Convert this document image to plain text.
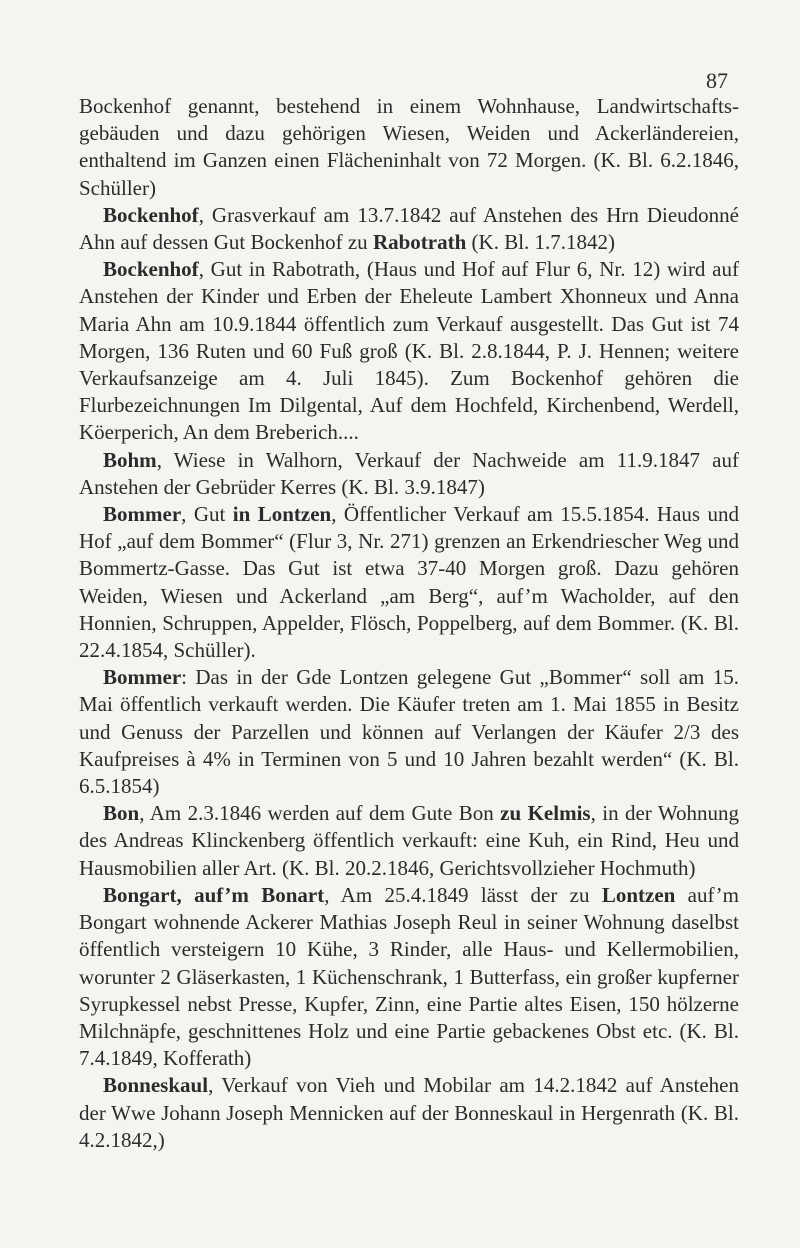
87

Bockenhof genannt, bestehend in einem Wohnhause, Landwirtschaftsgebäuden und dazu gehörigen Wiesen, Weiden und Ackerländereien, enthaltend im Ganzen einen Flächeninhalt von 72 Morgen. (K. Bl. 6.2.1846, Schüller)

Bockenhof, Grasverkauf am 13.7.1842 auf Anstehen des Hrn Dieudonné Ahn auf dessen Gut Bockenhof zu Rabotrath (K. Bl. 1.7.1842)

Bockenhof, Gut in Rabotrath, (Haus und Hof auf Flur 6, Nr. 12) wird auf Anstehen der Kinder und Erben der Eheleute Lambert Xhonneux und Anna Maria Ahn am 10.9.1844 öffentlich zum Verkauf ausgestellt. Das Gut ist 74 Morgen, 136 Ruten und 60 Fuß groß (K. Bl. 2.8.1844, P. J. Hennen; weitere Verkaufsanzeige am 4. Juli 1845). Zum Bockenhof gehören die Flurbezeichnungen Im Dilgental, Auf dem Hochfeld, Kirchenbend, Werdell, Köerperich, An dem Breberich....

Bohm, Wiese in Walhorn, Verkauf der Nachweide am 11.9.1847 auf Anstehen der Gebrüder Kerres (K. Bl. 3.9.1847)

Bommer, Gut in Lontzen, Öffentlicher Verkauf am 15.5.1854. Haus und Hof „auf dem Bommer“ (Flur 3, Nr. 271) grenzen an Erkendriescher Weg und Bommertz-Gasse. Das Gut ist etwa 37-40 Morgen groß. Dazu gehören Weiden, Wiesen und Ackerland „am Berg“, auf’m Wacholder, auf den Honnien, Schruppen, Appelder, Flösch, Poppelberg, auf dem Bommer. (K. Bl. 22.4.1854, Schüller).

Bommer: Das in der Gde Lontzen gelegene Gut „Bommer“ soll am 15. Mai öffentlich verkauft werden. Die Käufer treten am 1. Mai 1855 in Besitz und Genuss der Parzellen und können auf Verlangen der Käufer 2/3 des Kaufpreises à 4% in Terminen von 5 und 10 Jahren bezahlt werden“ (K. Bl. 6.5.1854)

Bon, Am 2.3.1846 werden auf dem Gute Bon zu Kelmis, in der Wohnung des Andreas Klinckenberg öffentlich verkauft: eine Kuh, ein Rind, Heu und Hausmobilien aller Art. (K. Bl. 20.2.1846, Gerichtsvollzieher Hochmuth)

Bongart, auf’m Bonart, Am 25.4.1849 lässt der zu Lontzen auf’m Bongart wohnende Ackerer Mathias Joseph Reul in seiner Wohnung daselbst öffentlich versteigern 10 Kühe, 3 Rinder, alle Haus- und Kellermobilien, worunter 2 Gläserkasten, 1 Küchenschrank, 1 Butterfass, ein großer kupferner Syrupkessel nebst Presse, Kupfer, Zinn, eine Partie altes Eisen, 150 hölzerne Milchnäpfe, geschnittenes Holz und eine Partie gebackenes Obst etc. (K. Bl. 7.4.1849, Kofferath)

Bonneskaul, Verkauf von Vieh und Mobilar am 14.2.1842 auf Anstehen der Wwe Johann Joseph Mennicken auf der Bonneskaul in Hergenrath (K. Bl. 4.2.1842,)
